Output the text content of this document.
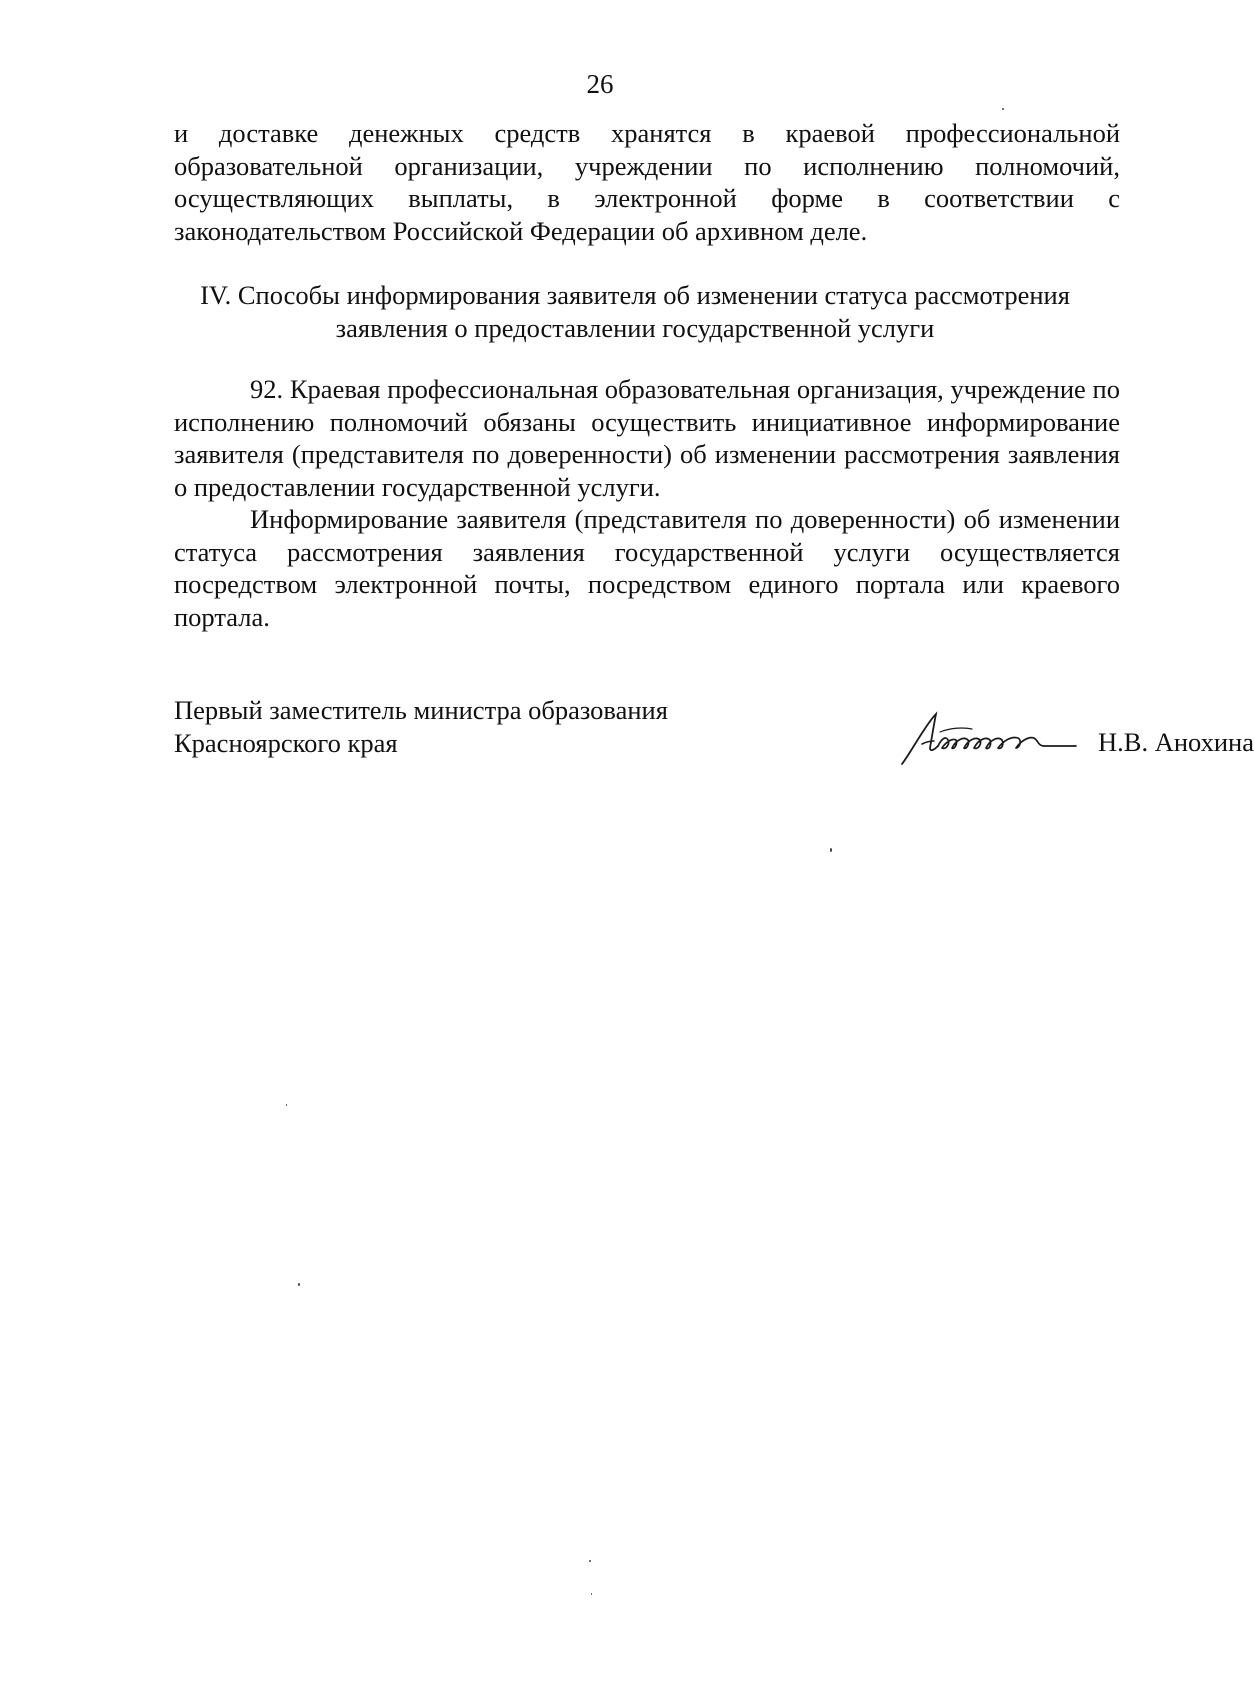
26

и доставке денежных средств хранятся в краевой профессиональной образовательной организации, учреждении по исполнению полномочий, осуществляющих выплаты, в электронной форме в соответствии с законодательством Российской Федерации об архивном деле.

IV. Способы информирования заявителя об изменении статуса рассмотрения
заявления о предоставлении государственной услуги

92. Краевая профессиональная образовательная организация, учреждение по исполнению полномочий обязаны осуществить инициативное информирование заявителя (представителя по доверенности) об изменении рассмотрения заявления о предоставлении государственной услуги.

Информирование заявителя (представителя по доверенности) об изменении статуса рассмотрения заявления государственной услуги осуществляется посредством электронной почты, посредством единого портала или краевого портала.

Первый заместитель министра образования
Красноярского края	Н.В. Анохина
